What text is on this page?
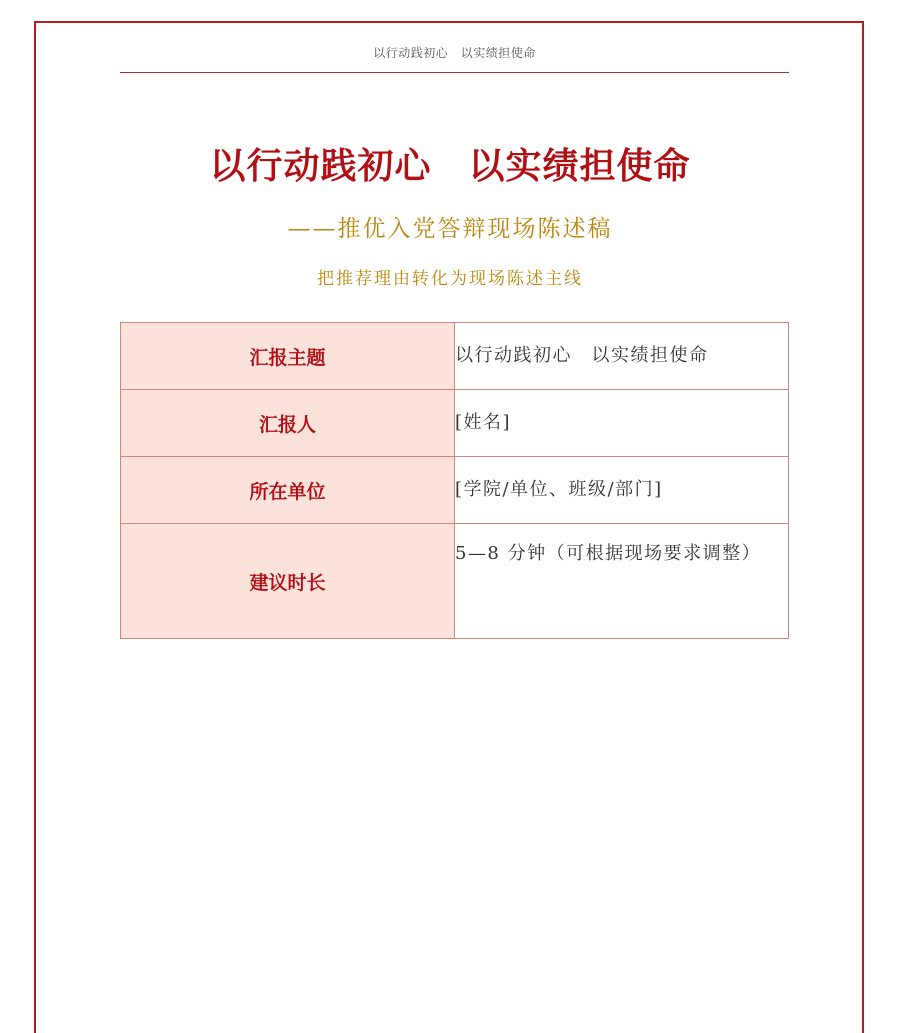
以行动践初心　以实绩担使命
以行动践初心　以实绩担使命
——推优入党答辩现场陈述稿
把推荐理由转化为现场陈述主线
汇报主题	以行动践初心　以实绩担使命
汇报人	[姓名]
所在单位	[学院/单位、班级/部门]
建议时长	5—8 分钟（可根据现场要求调整）
